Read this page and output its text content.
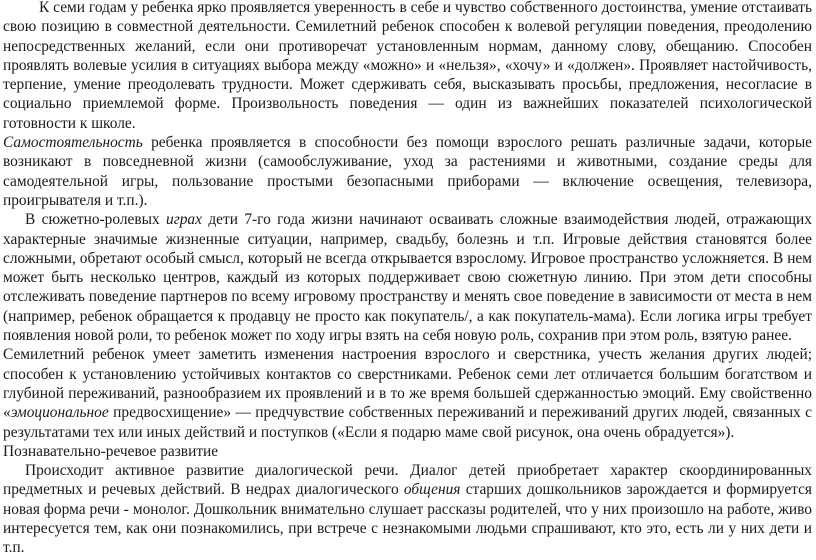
К семи годам у ребенка ярко проявляется уверенность в себе и чувство собственного достоинства, умение отстаивать свою позицию в совместной деятельности. Семилетний ребенок способен к волевой регуляции поведения, преодолению непосредственных желаний, если они противоречат установленным нормам, данному слову, обещанию. Способен проявлять волевые усилия в ситуациях выбора между «можно» и «нельзя», «хочу» и «должен». Проявляет настойчивость, терпение, умение преодолевать трудности. Может сдерживать себя, высказывать просьбы, предложения, несогласие в социально приемлемой форме. Произвольность поведения — один из важнейших показателей психологической готовности к школе.

Самостоятельность ребенка проявляется в способности без помощи взрослого решать различные задачи, которые возникают в повседневной жизни (самообслуживание, уход за растениями и животными, создание среды для самодеятельной игры, пользование простыми безопасными приборами — включение освещения, телевизора, проигрывателя и т.п.).

В сюжетно-ролевых играх дети 7-го года жизни начинают осваивать сложные взаимодействия людей, отражающих характерные значимые жизненные ситуации, например, свадьбу, болезнь и т.п. Игровые действия становятся более сложными, обретают особый смысл, который не всегда открывается взрослому. Игровое пространство усложняется. В нем может быть несколько центров, каждый из которых поддерживает свою сюжетную линию. При этом дети способны отслеживать поведение партнеров по всему игровому пространству и менять свое поведение в зависимости от места в нем (например, ребенок обращается к продавцу не просто как покупатель/, а как покупатель-мама). Если логика игры требует появления новой роли, то ребенок может по ходу игры взять на себя новую роль, сохранив при этом роль, взятую ранее.

Семилетний ребенок умеет заметить изменения настроения взрослого и сверстника, учесть желания других людей; способен к установлению устойчивых контактов со сверстниками. Ребенок семи лет отличается большим богатством и глубиной переживаний, разнообразием их проявлений и в то же время большей сдержанностью эмоций. Ему свойственно «эмоциональное предвосхищение» — предчувствие собственных переживаний и переживаний других людей, связанных с результатами тех или иных действий и поступков («Если я подарю маме свой рисунок, она очень обрадуется»).

Познавательно-речевое развитие

Происходит активное развитие диалогической речи. Диалог детей приобретает характер скоординированных предметных и речевых действий. В недрах диалогического общения старших дошкольников зарождается и формируется новая форма речи - монолог. Дошкольник внимательно слушает рассказы родителей, что у них произошло на работе, живо интересуется тем, как они познакомились, при встрече с незнакомыми людьми спрашивают, кто это, есть ли у них дети и т.п.
